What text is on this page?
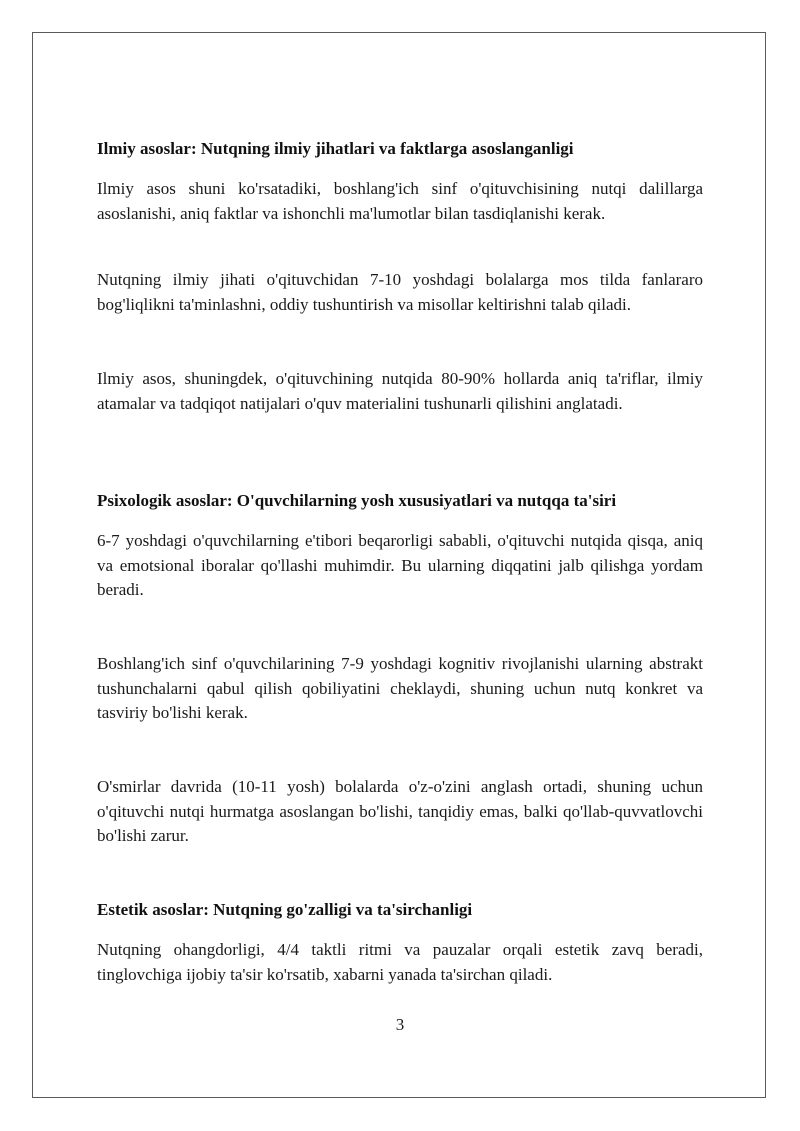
Ilmiy asoslar: Nutqning ilmiy jihatlari va faktlarga asoslanganligi

Ilmiy asos shuni ko'rsatadiki, boshlang'ich sinf o'qituvchisining nutqi dalillarga asoslanishi, aniq faktlar va ishonchli ma'lumotlar bilan tasdiqlanishi kerak.

Nutqning ilmiy jihati o'qituvchidan 7-10 yoshdagi bolalarga mos tilda fanlararo bog'liqlikni ta'minlashni, oddiy tushuntirish va misollar keltirishni talab qiladi.

Ilmiy asos, shuningdek, o'qituvchining nutqida 80-90% hollarda aniq ta'riflar, ilmiy atamalar va tadqiqot natijalari o'quv materialini tushunarli qilishini anglatadi.

Psixologik asoslar: O'quvchilarning yosh xususiyatlari va nutqqa ta'siri

6-7 yoshdagi o'quvchilarning e'tibori beqarorligi sababli, o'qituvchi nutqida qisqa, aniq va emotsional iboralar qo'llashi muhimdir. Bu ularning diqqatini jalb qilishga yordam beradi.

Boshlang'ich sinf o'quvchilarining 7-9 yoshdagi kognitiv rivojlanishi ularning abstrakt tushunchalarni qabul qilish qobiliyatini cheklaydi, shuning uchun nutq konkret va tasviriy bo'lishi kerak.

O'smirlar davrida (10-11 yosh) bolalarda o'z-o'zini anglash ortadi, shuning uchun o'qituvchi nutqi hurmatga asoslangan bo'lishi, tanqidiy emas, balki qo'llab-quvvatlovchi bo'lishi zarur.

Estetik asoslar: Nutqning go'zalligi va ta'sirchanligi

Nutqning ohangdorligi, 4/4 taktli ritmi va pauzalar orqali estetik zavq beradi, tinglovchiga ijobiy ta'sir ko'rsatib, xabarni yanada ta'sirchan qiladi.

3
